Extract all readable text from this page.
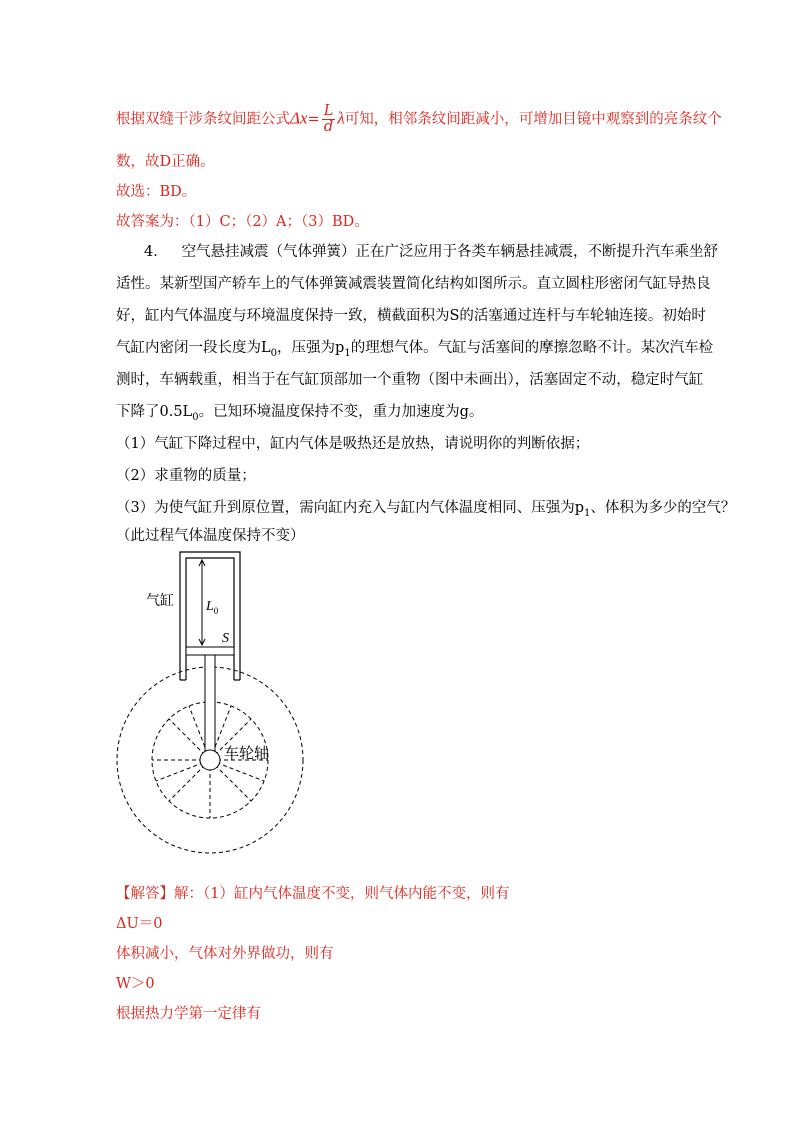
根据双缝干涉条纹间距公式$\Delta x= \frac{L}{d}$ λ可知，相邻条纹间距减小，可增加目镜中观察到的亮条纹个
数，故D正确。
故选：BD。
故答案为：（1）C；（2）A；（3）BD。
4． 空气悬挂减震（气体弹簧）正在广泛应用于各类车辆悬挂减震，不断提升汽车乘坐舒
适性。某新型国产轿车上的气体弹簧减震装置简化结构如图所示。直立圆柱形密闭气缸导热良
好，缸内气体温度与环境温度保持一致，横截面积为S的活塞通过连杆与车轮轴连接。初始时
气缸内密闭一段长度为$L_0$，压强为$p_1$的理想气体。气缸与活塞间的摩擦忽略不计。某次汽车检
测时，车辆载重，相当于在气缸顶部加一个重物（图中未画出），活塞固定不动，稳定时气缸
下降了$0.5L_0$。已知环境温度保持不变，重力加速度为g。
（1）气缸下降过程中，缸内气体是吸热还是放热，请说明你的判断依据；
（2）求重物的质量；
（3）为使气缸升到原位置，需向缸内充入与缸内气体温度相同、压强为$p_1$、体积为多少的空气？
（此过程气体温度保持不变）
气缸 $L_0$
S
车轮轴
【解答】解：（1）缸内气体温度不变，则气体内能不变，则有
ΔU＝0
体积减小，气体对外界做功，则有
W＞0
根据热力学第一定律有
